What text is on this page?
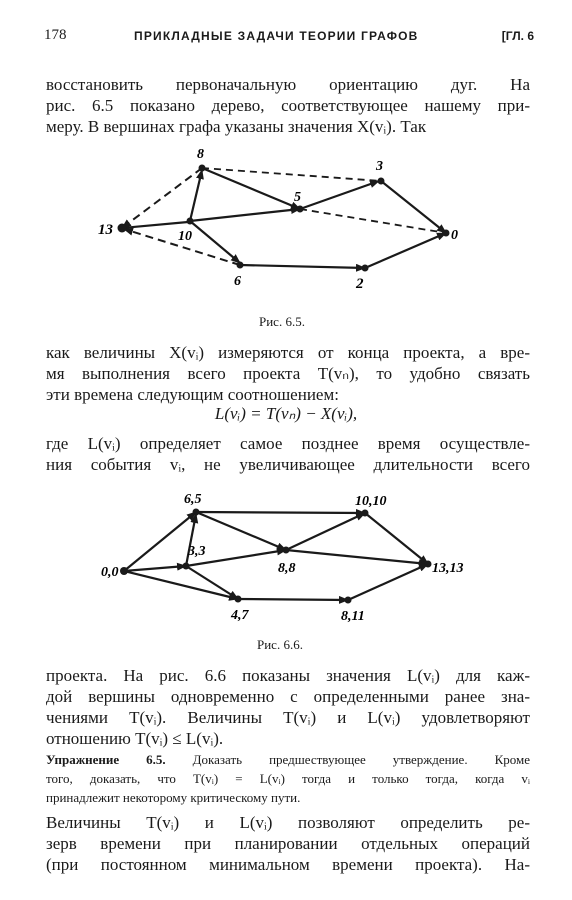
178	ПРИКЛАДНЫЕ ЗАДАЧИ ТЕОРИИ ГРАФОВ	[ГЛ. 6
восстановить первоначальную ориентацию дуг. На
рис. 6.5 показано дерево, соответствующее нашему при-
меру. В вершинах графа указаны значения X(vᵢ). Так
8
3
5
13	10	0
6	2
Рис. 6.5.
как величины X(vᵢ) измеряются от конца проекта, а вре-
мя выполнения всего проекта T(vₙ), то удобно связать
эти времена следующим соотношением:
L(vᵢ) = T(vₙ) − X(vᵢ),
где L(vᵢ) определяет самое позднее время осуществле-
ния события vᵢ, не увеличивающее длительности всего
6,5	10,10
3,3
8,8
0,0	13,13
4,7	8,11
Рис. 6.6.
проекта. На рис. 6.6 показаны значения L(vᵢ) для каж-
дой вершины одновременно с определенными ранее зна-
чениями T(vᵢ). Величины T(vᵢ) и L(vᵢ) удовлетворяют
отношению T(vᵢ) ≤ L(vᵢ).
Упражнение 6.5. Доказать предшествующее утверждение. Кроме
того, доказать, что T(vᵢ) = L(vᵢ) тогда и только тогда, когда vᵢ
принадлежит некоторому критическому пути.
Величины T(vᵢ) и L(vᵢ) позволяют определить ре-
зерв времени при планировании отдельных операций
(при постоянном минимальном времени проекта). На-
